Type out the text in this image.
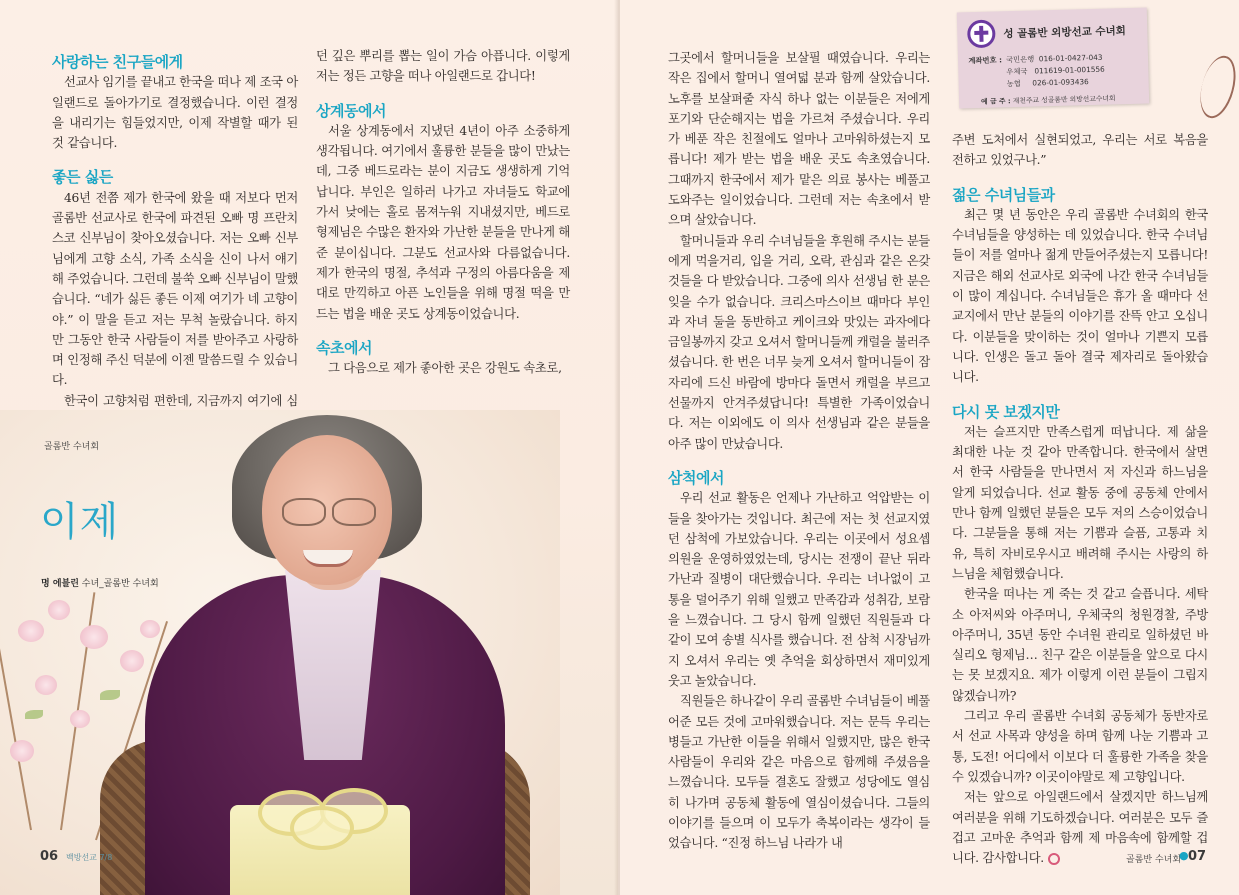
사랑하는 친구들에게

선교사 임기를 끝내고 한국을 떠나 제 조국 아일랜드로 돌아가기로 결정했습니다. 이런 결정을 내리기는 힘들었지만, 이제 작별할 때가 된 것 같습니다.

좋든 싫든

46년 전쯤 제가 한국에 왔을 때 저보다 먼저 골롬반 선교사로 한국에 파견된 오빠 명 프란치스코 신부님이 찾아오셨습니다. 저는 오빠 신부님에게 고향 소식, 가족 소식을 신이 나서 얘기해 주었습니다. 그런데 불쑥 오빠 신부님이 말했습니다. “네가 싫든 좋든 이제 여기가 네 고향이야.” 이 말을 듣고 저는 무척 놀랐습니다. 하지만 그동안 한국 사람들이 저를 받아주고 사랑하며 인정해 주신 덕분에 이젠 말씀드릴 수 있습니다.

한국이 고향처럼 편한데, 지금까지 여기에 심

던 깊은 뿌리를 뽑는 일이 가슴 아픕니다. 이렇게 저는 정든 고향을 떠나 아일랜드로 갑니다!

상계동에서

서울 상계동에서 지냈던 4년이 아주 소중하게 생각됩니다. 여기에서 훌륭한 분들을 많이 만났는데, 그중 베드로라는 분이 지금도 생생하게 기억납니다. 부인은 일하러 나가고 자녀들도 학교에 가서 낮에는 홀로 몸져누워 지내셨지만, 베드로 형제님은 수많은 환자와 가난한 분들을 만나게 해 준 분이십니다. 그분도 선교사와 다름없습니다. 제가 한국의 명절, 추석과 구정의 아름다움을 제대로 만끽하고 아픈 노인들을 위해 명절 떡을 만드는 법을 배운 곳도 상계동이었습니다.

속초에서

그 다음으로 제가 좋아한 곳은 강원도 속초로,

골롬반 수녀회
이제
명 에블린 수녀_골롬반 수녀회
06 백방선교 7/8

그곳에서 할머니들을 보살필 때였습니다. 우리는 작은 집에서 할머니 열여덟 분과 함께 살았습니다. 노후를 보살펴줄 자식 하나 없는 이분들은 저에게 포기와 단순해지는 법을 가르쳐 주셨습니다. 우리가 베푼 작은 친절에도 얼마나 고마워하셨는지 모릅니다! 제가 받는 법을 배운 곳도 속초였습니다. 그때까지 한국에서 제가 맡은 의료 봉사는 베풀고 도와주는 일이었습니다. 그런데 저는 속초에서 받으며 살았습니다.

할머니들과 우리 수녀님들을 후원해 주시는 분들에게 먹을거리, 입을 거리, 오락, 관심과 같은 온갖 것들을 다 받았습니다. 그중에 의사 선생님 한 분은 잊을 수가 없습니다. 크리스마스이브 때마다 부인과 자녀 둘을 동반하고 케이크와 맛있는 과자에다 금일봉까지 갖고 오셔서 할머니들께 캐럴을 불러주셨습니다. 한 번은 너무 늦게 오셔서 할머니들이 잠자리에 드신 바람에 방마다 돌면서 캐럴을 부르고 선물까지 안겨주셨답니다! 특별한 가족이었습니다. 저는 이외에도 이 의사 선생님과 같은 분들을 아주 많이 만났습니다.

삼척에서

우리 선교 활동은 언제나 가난하고 억압받는 이들을 찾아가는 것입니다. 최근에 저는 첫 선교지였던 삼척에 가보았습니다. 우리는 이곳에서 성요셉 의원을 운영하였었는데, 당시는 전쟁이 끝난 뒤라 가난과 질병이 대단했습니다. 우리는 너나없이 고통을 덜어주기 위해 일했고 만족감과 성취감, 보람을 느꼈습니다. 그 당시 함께 일했던 직원들과 다 같이 모여 송별 식사를 했습니다. 전 삼척 시장님까지 오셔서 우리는 옛 추억을 회상하면서 재미있게 웃고 놀았습니다.

직원들은 하나같이 우리 골롬반 수녀님들이 베풀어준 모든 것에 고마워했습니다. 저는 문득 우리는 병들고 가난한 이들을 위해서 일했지만, 많은 한국 사람들이 우리와 같은 마음으로 함께해 주셨음을 느꼈습니다. 모두들 결혼도 잘했고 성당에도 열심히 나가며 공동체 활동에 열심이셨습니다. 그들의 이야기를 들으며 이 모두가 축복이라는 생각이 들었습니다. “진정 하느님 나라가 내

주변 도처에서 실현되었고, 우리는 서로 복음을 전하고 있었구나.”

젊은 수녀님들과

최근 몇 년 동안은 우리 골롬반 수녀회의 한국 수녀님들을 양성하는 데 있었습니다. 한국 수녀님들이 저를 얼마나 젊게 만들어주셨는지 모릅니다! 지금은 해외 선교사로 외국에 나간 한국 수녀님들이 많이 계십니다. 수녀님들은 휴가 올 때마다 선교지에서 만난 분들의 이야기를 잔뜩 안고 오십니다. 이분들을 맞이하는 것이 얼마나 기쁜지 모릅니다. 인생은 돌고 돌아 결국 제자리로 돌아왔습니다.

다시 못 보겠지만

저는 슬프지만 만족스럽게 떠납니다. 제 삶을 최대한 나눈 것 같아 만족합니다. 한국에서 살면서 한국 사람들을 만나면서 저 자신과 하느님을 알게 되었습니다. 선교 활동 중에 공동체 안에서 만나 함께 일했던 분들은 모두 저의 스승이었습니다. 그분들을 통해 저는 기쁨과 슬픔, 고통과 치유, 특히 자비로우시고 배려해 주시는 사랑의 하느님을 체험했습니다.

한국을 떠나는 게 죽는 것 같고 슬픕니다. 세탁소 아저씨와 아주머니, 우체국의 청원경찰, 주방 아주머니, 35년 동안 수녀원 관리로 일하셨던 바실리오 형제님… 친구 같은 이분들을 앞으로 다시는 못 보겠지요. 제가 이렇게 이런 분들이 그립지 않겠습니까?

그리고 우리 골롬반 수녀회 공동체가 동반자로서 선교 사목과 양성을 하며 함께 나눈 기쁨과 고통, 도전! 어디에서 이보다 더 훌륭한 가족을 찾을 수 있겠습니까? 이곳이야말로 제 고향입니다.

저는 앞으로 아일랜드에서 살겠지만 하느님께 여러분을 위해 기도하겠습니다. 여러분은 모두 즐겁고 고마운 추억과 함께 제 마음속에 함께할 겁니다. 감사합니다.

성 골롬반 외방선교 수녀회
계좌번호 : 국민은행 016-01-0427-043
우체국 011619-01-001556
농협 026-01-093436
예 금 주 : 재천주교 성골롬반 외방선교수녀회
골롬반 수녀회
● 07
